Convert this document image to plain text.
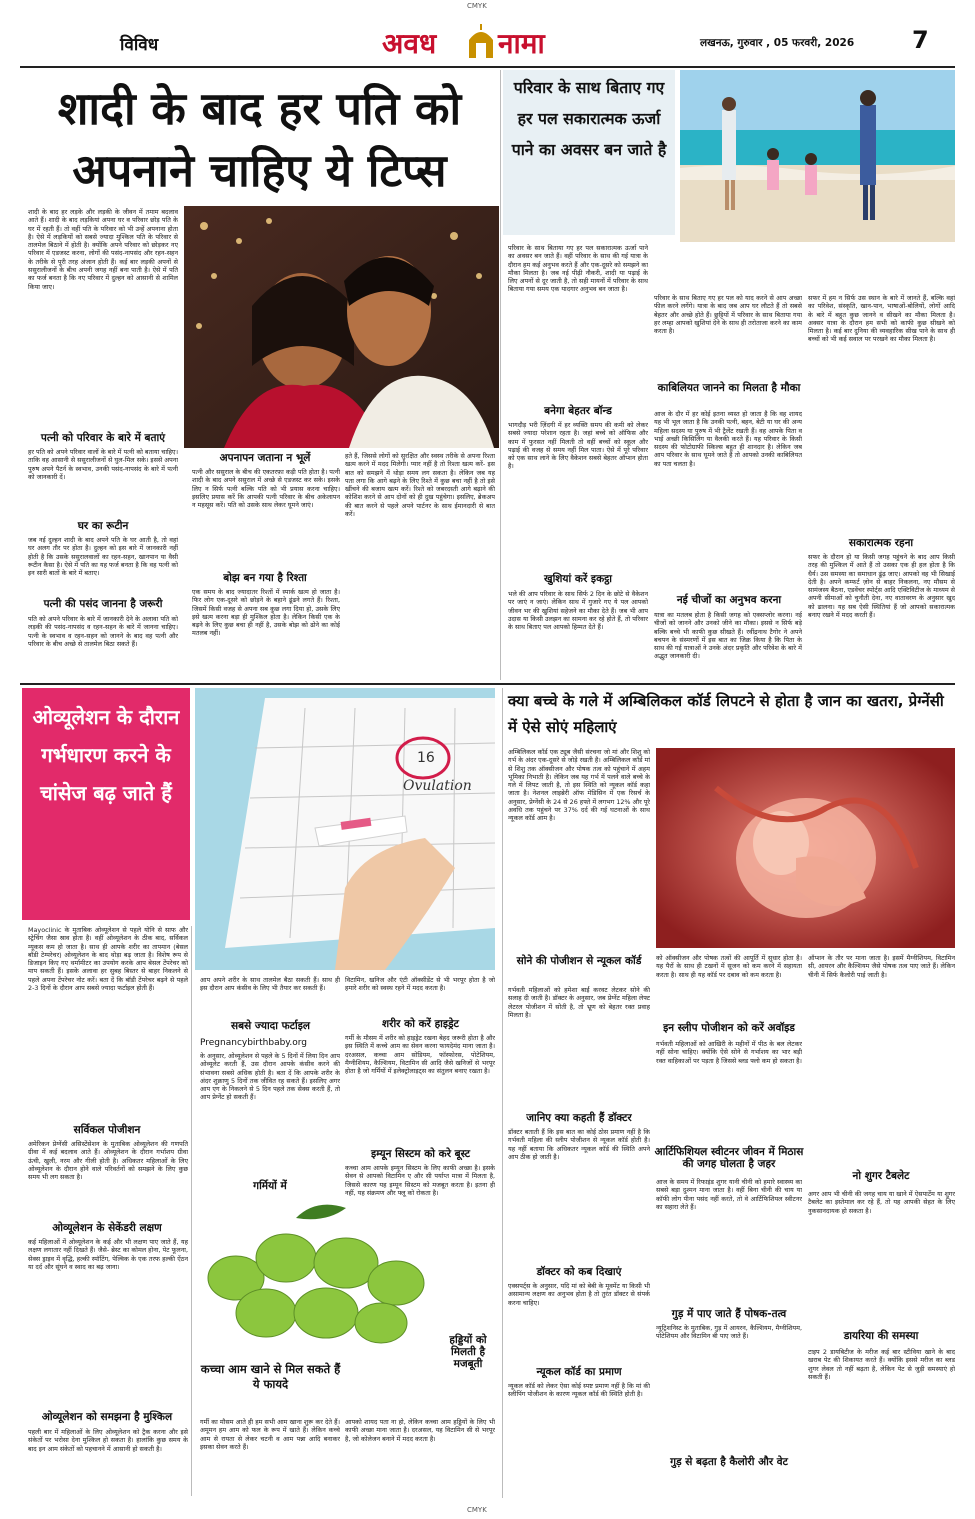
CMYK
विविध	अवध नामा	लखनऊ, गुरुवार , 05 फरवरी, 2026 7
शादी के बाद हर पति को अपनाने चाहिए ये टिप्स
शादी के बाद हर लड़के और लड़की के जीवन में तमाम बदलाव आते हैं। शादी के बाद लड़कियां अपना घर व परिवार छोड़ पति के घर में रहती हैं। तो वहीं पति के परिवार को भी उन्हें अपनाना होता है। ऐसे में लड़कियों को सबसे ज्यादा मुश्किल पति के परिवार से तालमेल बिठाने में होती है। क्योंकि अपने परिवार को छोड़कर नए परिवार में एडजस्ट करना, लोगों की पसंद-नापसंद और रहन-सहन के तरीके से पूरी तरह अंजान होती हैं। कई बार लड़की अपनों से ससुरालीजनों के बीच अपनी जगह नहीं बना पाती है। ऐसे में पति का फर्ज बनता है कि नए परिवार में दुल्हन को आसानी से शामिल किया जाए।
पत्नी को परिवार के बारे में बताएं
हर पति को अपने परिवार वालों के बारे में पत्नी को बताया चाहिए। ताकि वह आसानी से ससुरालीजनों से घुल-मिल सके। इससे अपना पुरुष अपने पैटर्न के स्वभाव, उनकी पसंद-नापसंद के बारे में पत्नी को जानकारी दें।
घर का रूटीन
जब नई दुल्हन शादी के बाद अपने पति के घर आती है, तो वहां घर अलग तौर पर होता है। दुल्हन को इस बारे में जानकारी नहीं होती है कि उसके ससुरालवालों का रहन-सहन, खानपान या वैसी रूटीन कैसा है। ऐसे में पति का यह फर्ज बनता है कि वह पत्नी को इन सारी बातों के बारे में बताए।
पत्नी की पसंद जानना है जरूरी
पति को अपने परिवार के बारे में जानकारी देने के अलावा पति को लड़की की पसंद-नापसंद व रहन-सहन के बारे में जानना चाहिए। पत्नी के स्वभाव व रहन-सहन को जानने के बाद वह पत्नी और परिवार के बीच अच्छे से तालमेल बिठा सकते हैं।
अपनापन जताना न भूलें
पत्नी और ससुराल के बीच की एकतरफ़ा कड़ी पति होता है। पत्नी शादी के बाद अपने ससुराल में अच्छे से एडजस्ट कर सके। इसके लिए न सिर्फ पत्नी बल्कि पति को भी प्रयास करना चाहिए। इसलिए प्रयास करें कि आपकी पत्नी परिवार के बीच अकेलापन न महसूस करें। पति को उसके साथ लेकर घूमने जाएं।
बोझ बन गया है रिश्ता
एक समय के बाद ज्यादातर रिश्तों में स्पार्क खत्म हो जाता है। फिर लोग एक-दूसरे को छोड़ने के बहाने ढूंढने लगते हैं। रिश्ता, जिसमें किसी वजह से अपना सब कुछ लगा दिया हो, उसके लिए इसे खत्म करना बड़ा ही मुश्किल होता है। लेकिन किसी एक के बढ़ने के लिए कुछ बचा ही नहीं है, उसके बोझ को ढोने का कोई मतलब नहीं।
हते हैं, जिससे लोगों को सुरक्षित और स्वस्थ तरीके से अपना रिश्ता खत्म करने में मदद मिलेगी। प्यार नहीं है तो रिश्ता खत्म करें- इस बात को समझने में थोड़ा समय लग सकता है। लेकिन जब यह पता लगा कि आगे बढ़ने के लिए रिश्ते में कुछ बचा नहीं है तो इसे खींचने की बजाय खत्म करें। रिश्ते को जबरदस्ती आगे बढ़ाने की कोशिश करने से आप दोनों को ही दुख पहुंचेगा। इसलिए, ब्रेकअप की बात करने से पहले अपने पार्टनर के साथ ईमानदारी से बात करें।
परिवार के साथ बिताए गए हर पल सकारात्मक ऊर्जा पाने का अवसर बन जाते है
परिवार के साथ बिताया गए हर पल सकारात्मक ऊर्जा पाने का अवसर बन जाते हैं। वहीं परिवार के साथ की गई यात्रा के दौरान हम कई अनुभव करते हैं और एक-दूसरे को समझने का मौका मिलता है। जब नई पीढ़ी नौकरी, शादी या पढ़ाई के लिए अपनों से दूर जाती है, तो सही मायनों में परिवार के साथ बिताया गया समय एक यादगार अनुभव बन जाता है।
बनेगा बेहतर बॉन्ड
भागदौड़ भरी ज़िंदगी में हर व्यक्ति समय की कमी को लेकर सबसे ज्यादा परेशान रहता है। जहां बच्चे को ऑफिस और काम में फुरसत नहीं मिलती तो वहीं बच्चों को स्कूल और पढ़ाई की वजह से समय नहीं मिल पाता। ऐसे में पूरे परिवार को एक साथ लाने के लिए वैकेशन सबसे बेहतर ऑप्शन होता है।
खुशियां करें इकट्ठा
भले की आप परिवार के साथ सिर्फ 2 दिन के छोटे से वैकेशन पर जाएं न जाएं। लेकिन साथ में गुजारे गए ये पल आपको जीवन भर की खुशियां सहेजने का मौका देते हैं। जब भी आप उदास या किसी उलझन का सामना कर रहे होते हैं, तो परिवार के साथ बिताए पल आपको हिम्मत देते हैं।
परिवार के साथ बिताए गए हर पल को याद करने से आप अच्छा फील करने लगेंगे। यात्रा के बाद जब आप घर लौटते हैं तो सबसे बेहतर और अच्छे होते हैं। छुट्टियों में परिवार के साथ बिताया गया हर लम्हा आपको खुशियां देने के साथ ही तरोताजा करने का काम करता है।
काबिलियत जानने का मिलता है मौका
आज के दौर में हर कोई इतना व्यस्त हो जाता है कि वह शायद यह भी भूल जाता है कि उनकी पत्नी, बहन, बेटी या घर की अन्य महिला सदस्य या पुरुष में भी ट्रैलेंट रखती हैं। वह आपके पिता व भाई अच्छी किसिलिंग या वैलकी करते हैं। यह परिवार के किसी सदस्य की फोटोग्राफी स्किल्स बहुत ही शानदार है। लेकिन जब आप परिवार के साथ घूमने जाते हैं तो आपको उनकी काबिलियत का पता चलता है।
नई चीजों का अनुभव करना
यात्रा का मतलब होता है किसी जगह को एक्सप्लोर करना। नई चीजों को जानने और उनको जीने का मौका। इससे न सिर्फ बड़े बल्कि बच्चे भी काफी कुछ सीखते हैं। रवींद्रनाथ टैगोर ने अपने बचपन के संस्मरणों में इस बात का जिक्र किया है कि पिता के साथ की गई यात्राओं ने उनके अंदर प्रकृति और परिवेश के बारे में अद्भुत जानकारी दी।
सफर में हम न सिर्फ उस स्थान के बारे में जानते हैं, बल्कि वहां का परिवेश, संस्कृति, खान-पान, भाषाओं-बोलियों, लोगों आदि के बारे में बहुत कुछ जानने व सीखने का मौका मिलता है। अक्सर यात्रा के दौरान हम सभी को काफी कुछ सीखने को मिलता है। कई बार दुनिया की व्यवहारिक सीख पाने के साथ ही बच्चों को भी कई सवाल पर परखने का मौका मिलता है।
सकारात्मक रहना
सफर के दौरान हो या किसी जगह पहुंचने के बाद आप किसी तरह की मुश्किल में आते हैं तो उसका एक ही हल होता है कि धैर्य। उस समस्या का समाधान ढूंढ़ जाए। आपको वह भी सिखाई देती है। अपने कम्फर्ट ज़ोन से बाहर निकलना, नए मौसम से सामंजस्य बैठना, एडवेंचर स्पोर्ट्स आदि एक्टिविटीज के माध्यम से अपनी सीमाओं को चुनौती देना, नए वातावरण के अनुसार खुद को ढालना। यह सब ऐसी स्थितियां हैं जो आपको सकारात्मक बनाए रखने में मदद करती हैं।
ओव्यूलेशन के दौरान गर्भधारण करने के चांसेज बढ़ जाते हैं
16
Ovulation
Mayoclinic के मुताबिक ओव्यूलेशन से पहले योनि से साफ और स्ट्रेचिंग जैसा स्राव होता है। वहीं ओव्यूलेशन के ठीक बाद, सर्विकल म्यूकस कम हो जाता है। साथ ही आपके शरीर का तापमान (बेसल बॉडी टेम्परेचर) ओव्यूलेशन के बाद थोड़ा बढ़ जाता है। विशेष रूप से डिजाइन किए गए थर्मामीटर का उपयोग करके आप बेसल टेंपरेचर को माप सकती हैं। इसके अलावा हर सुबह बिस्तर से बाहर निकलने से पहले अपना टेंपरेचर नोट करें। बता दें कि बॉडी टेंपरेचर बढ़ने से पहले 2-3 दिनों के दौरान आप सबसे ज्यादा फर्टाइल होती हैं।
सर्विकल पोजीशन
अमेरिकन प्रेग्नेंसी असिस्टेंसेशन के मुताबिक ओव्यूलेशन की गणपति ग्रीवा में कई बदलाव आते हैं। ओव्यूलेशन के दौरान गर्भाशय ग्रीवा ऊंची, खुली, नरम और गीली होती है। अधिकतर महिलाओं के लिए ओव्यूलेशन के दौरान होने वाले परिवर्तनों को समझने के लिए कुछ समय भी लग सकता है।
ओव्यूलेशन के सेकेंडरी लक्षण
कई महिलाओं में ओव्यूलेशन के कई और भी लक्षण पाए जाते हैं, यह लक्षण लगातार नहीं दिखते हैं। जैसे- ब्रेस्ट का कोमल होना, पेट फूलना, सेक्स ड्राइव में वृद्धि, हल्की स्पॉटिंग, पेल्विक के एक तरफ हल्की ऐंठन या दर्द और सूंघने व स्वाद का बढ़ जाना।
ओव्यूलेशन को समझना है मुश्किल
पहली बार में महिलाओं के लिए ओव्यूलेशन को ट्रैक करना और इसे संकेतों पर भरोसा देना मुश्किल हो सकता है। हालांकि कुछ समय के बाद इन आम संकेतों को पहचानने में आसानी हो सकती है।
आप अपने शरीर के साथ तालमेल बैठा सकती हैं। साथ ही इस दौरान आप कंसीव के लिए भी तैयार कर सकती हैं।
सबसे ज्यादा फर्टाइल
Pregnancybirthbaby.org
के अनुसार, ओव्यूलेशन से पहले के 5 दिनों में लिया दिन आप ओव्यूलेट करती हैं, उस दौरान आपके कंसीव करने की संभावना सबसे अधिक होती है। बता दें कि आपके शरीर के अंदर शुक्राणु 5 दिनों तक जीवित रह सकते हैं। इसलिए अगर आप एग के निकलने से 5 दिन पहले तक सेक्स करती हैं, तो आप प्रेग्नेंट हो सकती हैं।
विटामिन, खनिज और एंटी ऑक्सीडेंट से भी भरपूर होता है जो हमारे शरीर को स्वस्थ रहने में मदद करता है।
शरीर को करें हाइड्रेट
गर्मी के मौसम में शरीर को हाइड्रेट रखना बेहद जरूरी होता है और इस स्थिति में कच्चे आम का सेवन करना फायदेमंद माना जाता है। दरअसल, कच्चा आम सोडियम, फॉस्फोरस, पोटेशियम, मैग्नीशियम, कैल्शियम, विटामिन सी आदि जैसे खनिजों से भरपूर होता है जो गर्मियों में इलेक्ट्रोलाइट्स का संतुलन बनाए रखता है।
इम्यून सिस्टम को करे बूस्ट
कच्चा आम आपके इम्यून सिस्टम के लिए काफी अच्छा है। इसके सेवन से आपको विटामिन ए और सी पर्याप्त मात्रा में मिलता है, जिससे कारण यह इम्यून सिस्टम को मजबूत करता है। इतना ही नहीं, यह संक्रमण और फ्लू को रोकता है।
गर्मियों में
हड्डियों को मिलती है मजबूती
कच्चा आम खाने से मिल सकते हैं ये फायदे
गर्मी का मौसम आते ही हम सभी आम खाना शुरू कर देते हैं। अमूमन हम आम को फल के रूप में खाते हैं। लेकिन कच्चे आम से रायता से लेकर चटनी व आम पन्ना आदि बनाकर इसका सेवन करते हैं।
आपको शायद पता ना हो, लेकिन कच्चा आम हड्डियों के लिए भी काफी अच्छा माना जाता है। दरअसल, यह विटामिन सी से भरपूर है, जो कोलेजन बनाने में मदद करता है।
क्या बच्चे के गले में अम्बिलिकल कॉर्ड लिपटने से होता है जान का खतरा, प्रेग्नेंसी में ऐसे सोएं महिलाएं
अम्बिलिकल कॉर्ड एक ट्यूब जैसी संरचना जो मां और शिशु को गर्भ के अंदर एक-दूसरे से जोड़े रखती है। अम्बिलिकल कॉर्ड मां से शिशु तक ऑक्सीजन और पोषक तत्व को पहुंचाने में अहम भूमिका निभाती है। लेकिन जब यह गर्भ में पलने वाले बच्चे के गले में लिपट जाती है, तो इस स्थिति को न्यूकल कॉर्ड कहा जाता है। नेशनल लाइब्रेरी ऑफ मेडिसिन में एक रिसर्च के अनुसार, प्रेग्नेंसी के 24 से 26 हफ्ते में लगभग 12% और पूरे अवधि तक पहुंचने पर 37% दर्द की गई घटनाओं के साथ न्यूकल कॉर्ड आम है।
सोने की पोजीशन से न्यूकल कॉर्ड
गर्भवती महिलाओं को हमेशा बाईं करवट लेटकर सोने की सलाह दी जाती है। डॉक्टर के अनुसार, जब प्रेग्नेंट महिला लेफ्ट लेटरल पोजीशन में सोती है, तो भ्रूण को बेहतर रक्त प्रवाह मिलता है।
जानिए क्या कहती हैं डॉक्टर
डॉक्टर बताती हैं कि इस बात का कोई ठोस प्रमाण नहीं है कि गर्भवती महिला की स्लीप पोजीशन से न्यूकल कॉर्ड होती है। यह नहीं बताया कि अधिकतर न्यूकल कॉर्ड की स्थिति अपने आप ठीक हो जाती है।
डॉक्टर को कब दिखाएं
एक्सपर्ट्स के अनुसार, यदि मां को बेबी के मूवमेंट या किसी भी असामान्य लक्षण का अनुभव होता है तो तुरंत डॉक्टर से संपर्क करना चाहिए।
न्यूकल कॉर्ड का प्रमाण
न्यूकल कॉर्ड को लेकर ऐसा कोई स्पष्ट प्रमाण नहीं है कि मां की स्लीपिंग पोजीशन के कारण न्यूकल कॉर्ड की स्थिति होती है।
को ऑक्सीजन और पोषक तत्वों की आपूर्ति में सुधार होता है। यह पैरों के साथ ही टखनों में सूजन को कम करने में सहायता करता है। साथ ही यह कॉर्ड पर दबाव को कम करता है।
इन स्लीप पोजीशन को करें अवॉइड
गर्भवती महिलाओं को आखिरी के महीनों में पीठ के बल लेटकर नहीं सोना चाहिए। क्योंकि ऐसे सोने से गर्भाशय का भार बड़ी रक्त वाहिकाओं पर पड़ता है जिससे ब्लड फ्लो कम हो सकता है।
आर्टिफिशियल स्वीटनर जीवन में मिठास की जगह घोलता है जहर
आज के समय में रिफाइंड शुगर यानी चीनी को हमारे स्वास्थ्य का सबसे बड़ा दुश्मन माना जाता है। वहीं बिना चीनी की चाय या कॉफी लोग पीना पसंद नहीं करते, तो वे आर्टिफिशियल स्वीटनर का सहारा लेते हैं।
गुड़ में पाए जाते हैं पोषक-तत्व
न्यूट्रिशनिस्ट के मुताबिक, गुड़ में आयरन, कैल्शियम, मैग्नीशियम, पोटेशियम और विटामिन बी पाए जाते हैं।
गुड़ से बढ़ता है कैलोरी और वेट
ऑप्शन के तौर पर माना जाता है। इसमें मैग्नीशियम, विटामिन सी, आयरन और कैल्शियम जैसे पोषक तत्व पाए जाते हैं। लेकिन चीनी में सिर्फ कैलोरी पाई जाती है।
नो शुगर टैबलेट
अगर आप भी चीनी की जगह चाय या खाने में ऐसपार्टेम या शुगर टैबलेट का इस्तेमाल कर रहे हैं, तो यह आपकी सेहत के लिए नुकसानदायक हो सकता है।
डायरिया की समस्या
टाइप 2 डायबिटीज के मरीज कई बार स्टीविया खाने के बाद खराब पेट की शिकायत करते हैं। क्योंकि इससे मरीज का ब्लड शुगर लेवल तो नहीं बढ़ता है, लेकिन पेट से जुड़ी समस्याएं हो सकती हैं।
CMYK
